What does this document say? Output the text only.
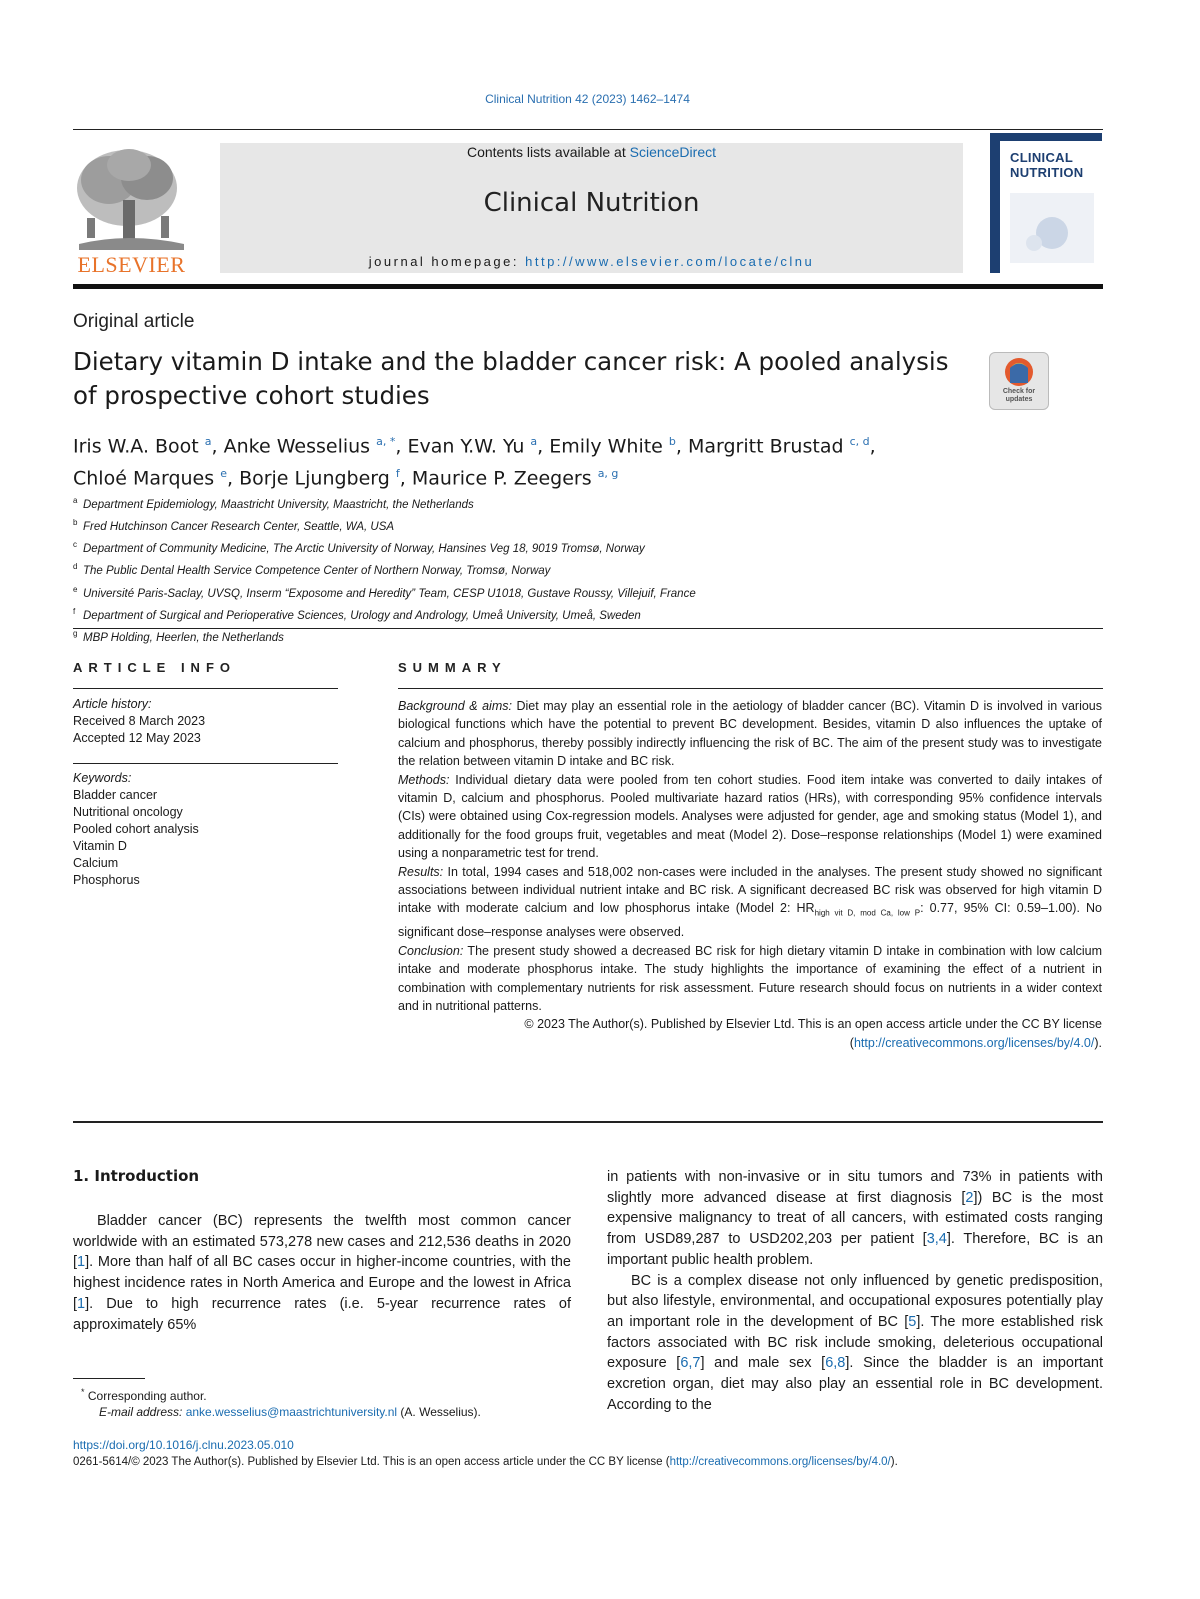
Clinical Nutrition 42 (2023) 1462–1474
ELSEVIER
Contents lists available at ScienceDirect
Clinical Nutrition
journal homepage: http://www.elsevier.com/locate/clnu
CLINICAL
NUTRITION
Original article
Dietary vitamin D intake and the bladder cancer risk: A pooled analysis of prospective cohort studies	Check for updates
Iris W.A. Boot $^a$, Anke Wesselius $^{a, *}$, Evan Y.W. Yu $^a$, Emily White $^b$, Margritt Brustad $^{c, d}$,
Chloé Marques $^e$, Borje Ljungberg $^f$, Maurice P. Zeegers $^{a, g}$
a Department Epidemiology, Maastricht University, Maastricht, the Netherlands
b Fred Hutchinson Cancer Research Center, Seattle, WA, USA
c Department of Community Medicine, The Arctic University of Norway, Hansines Veg 18, 9019 Tromsø, Norway
d The Public Dental Health Service Competence Center of Northern Norway, Tromsø, Norway
e Université Paris-Saclay, UVSQ, Inserm “Exposome and Heredity” Team, CESP U1018, Gustave Roussy, Villejuif, France
f Department of Surgical and Perioperative Sciences, Urology and Andrology, Umeå University, Umeå, Sweden
g MBP Holding, Heerlen, the Netherlands
ARTICLE INFO
Article history:
Received 8 March 2023
Accepted 12 May 2023
Keywords:
Bladder cancer
Nutritional oncology
Pooled cohort analysis
Vitamin D
Calcium
Phosphorus
SUMMARY

Background & aims: Diet may play an essential role in the aetiology of bladder cancer (BC). Vitamin D is involved in various biological functions which have the potential to prevent BC development. Besides, vitamin D also influences the uptake of calcium and phosphorus, thereby possibly indirectly influencing the risk of BC. The aim of the present study was to investigate the relation between vitamin D intake and BC risk.

Methods: Individual dietary data were pooled from ten cohort studies. Food item intake was converted to daily intakes of vitamin D, calcium and phosphorus. Pooled multivariate hazard ratios (HRs), with corresponding 95% confidence intervals (CIs) were obtained using Cox-regression models. Analyses were adjusted for gender, age and smoking status (Model 1), and additionally for the food groups fruit, vegetables and meat (Model 2). Dose–response relationships (Model 1) were examined using a nonparametric test for trend.

Results: In total, 1994 cases and 518,002 non-cases were included in the analyses. The present study showed no significant associations between individual nutrient intake and BC risk. A significant decreased BC risk was observed for high vitamin D intake with moderate calcium and low phosphorus intake (Model 2: $HR_{high vit D, mod Ca, low P}$: 0.77, 95% CI: 0.59–1.00). No significant dose–response analyses were observed.

Conclusion: The present study showed a decreased BC risk for high dietary vitamin D intake in combination with low calcium intake and moderate phosphorus intake. The study highlights the importance of examining the effect of a nutrient in combination with complementary nutrients for risk assessment. Future research should focus on nutrients in a wider context and in nutritional patterns.

© 2023 The Author(s). Published by Elsevier Ltd. This is an open access article under the CC BY license
(http://creativecommons.org/licenses/by/4.0/).

1. Introduction

Bladder cancer (BC) represents the twelfth most common cancer worldwide with an estimated 573,278 new cases and 212,536 deaths in 2020 [1]. More than half of all BC cases occur in higher-income countries, with the highest incidence rates in North America and Europe and the lowest in Africa [1]. Due to high recurrence rates (i.e. 5-year recurrence rates of approximately 65%

in patients with non-invasive or in situ tumors and 73% in patients with slightly more advanced disease at first diagnosis [2]) BC is the most expensive malignancy to treat of all cancers, with estimated costs ranging from USD89,287 to USD202,203 per patient [3,4]. Therefore, BC is an important public health problem.

BC is a complex disease not only influenced by genetic predisposition, but also lifestyle, environmental, and occupational exposures potentially play an important role in the development of BC [5]. The more established risk factors associated with BC risk include smoking, deleterious occupational exposure [6,7] and male sex [6,8]. Since the bladder is an important excretion organ, diet may also play an essential role in BC development. According to the

* Corresponding author.
E-mail address: anke.wesselius@maastrichtuniversity.nl (A. Wesselius).
https://doi.org/10.1016/j.clnu.2023.05.010
0261-5614/© 2023 The Author(s). Published by Elsevier Ltd. This is an open access article under the CC BY license (http://creativecommons.org/licenses/by/4.0/).
